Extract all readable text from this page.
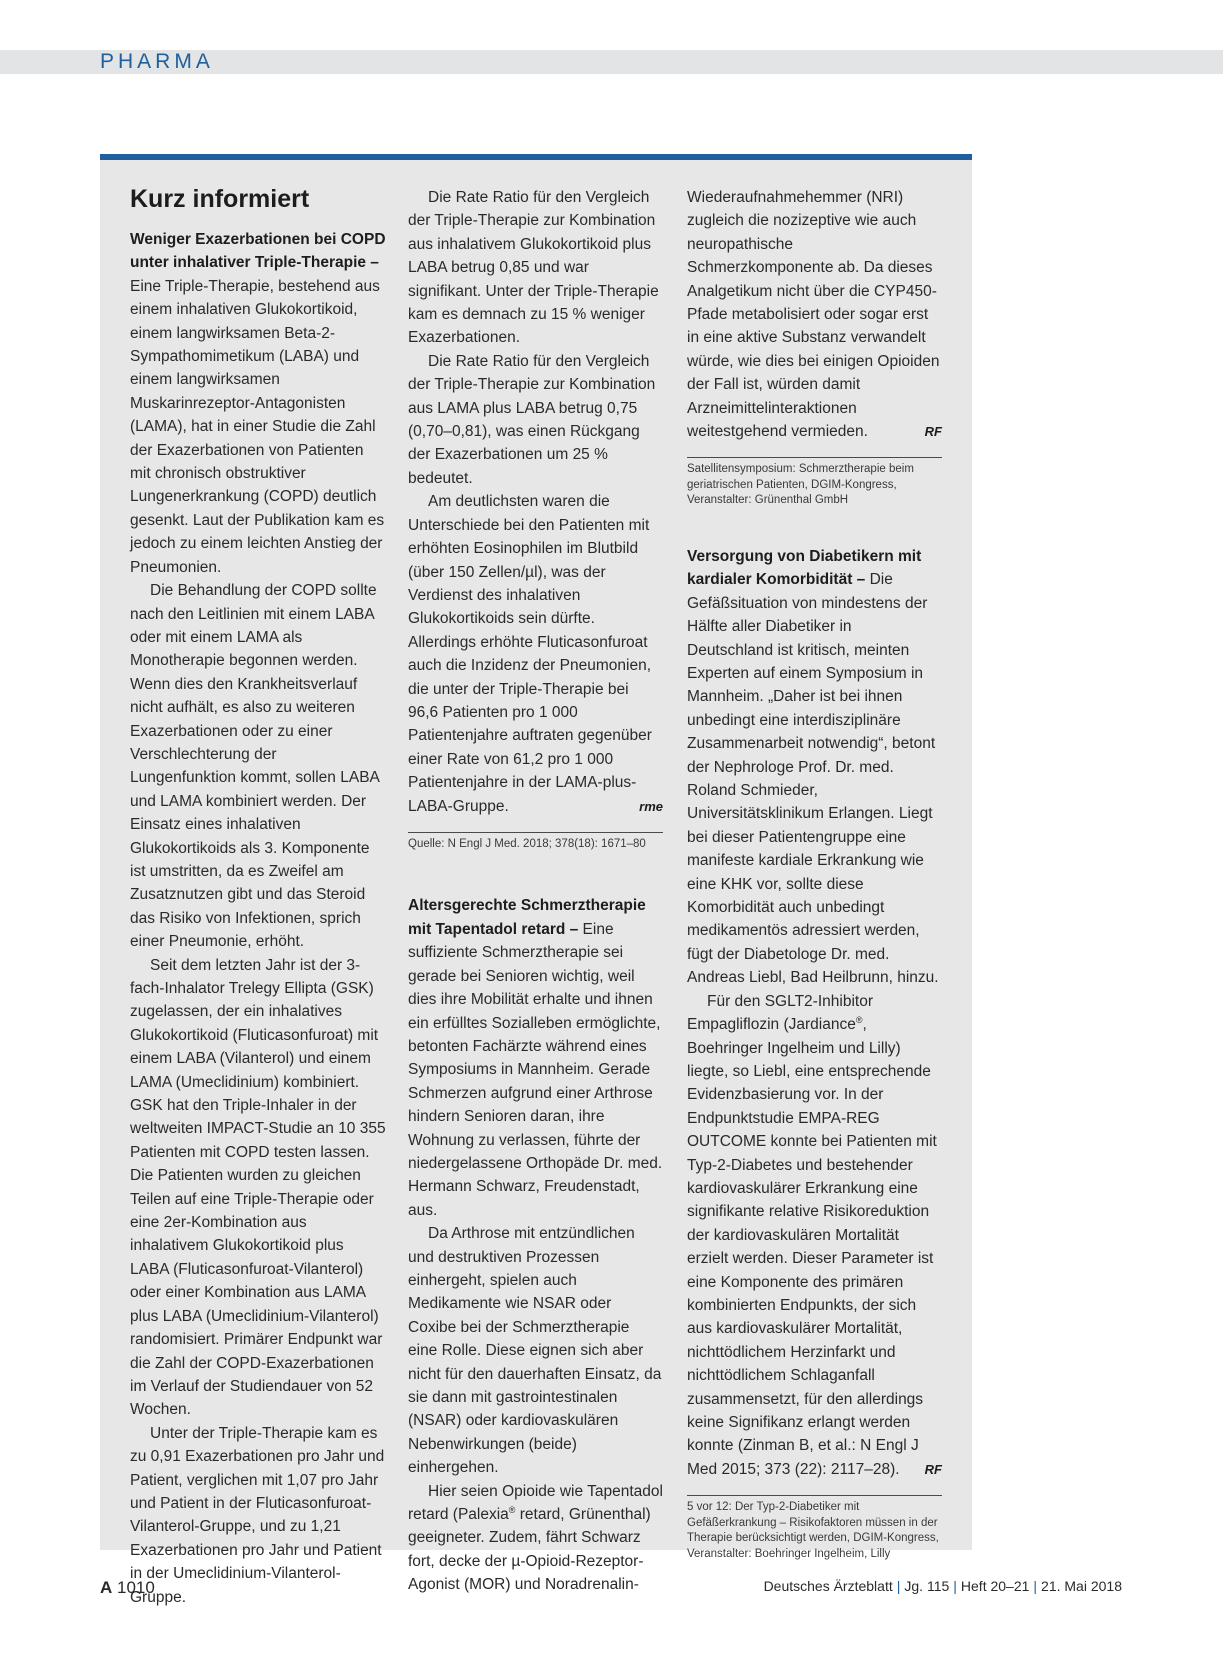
PHARMA
Kurz informiert

Weniger Exazerbationen bei COPD unter inhalativer Triple-Therapie – Eine Triple-Therapie, bestehend aus einem inhalativen Glukokortikoid, einem langwirksamen Beta-2-Sympathomimetikum (LABA) und einem langwirksamen Muskarinrezeptor-Antagonisten (LAMA), hat in einer Studie die Zahl der Exazerbationen von Patienten mit chronisch obstruktiver Lungenerkrankung (COPD) deutlich gesenkt. Laut der Publikation kam es jedoch zu einem leichten Anstieg der Pneumonien.

Die Behandlung der COPD sollte nach den Leitlinien mit einem LABA oder mit einem LAMA als Monotherapie begonnen werden. Wenn dies den Krankheitsverlauf nicht aufhält, es also zu weiteren Exazerbationen oder zu einer Verschlechterung der Lungenfunktion kommt, sollen LABA und LAMA kombiniert werden. Der Einsatz eines inhalativen Glukokortikoids als 3. Komponente ist umstritten, da es Zweifel am Zusatznutzen gibt und das Steroid das Risiko von Infektionen, sprich einer Pneumonie, erhöht.

Seit dem letzten Jahr ist der 3-fach-Inhalator Trelegy Ellipta (GSK) zugelassen, der ein inhalatives Glukokortikoid (Fluticasonfuroat) mit einem LABA (Vilanterol) und einem LAMA (Umeclidinium) kombiniert. GSK hat den Triple-Inhaler in der weltweiten IMPACT-Studie an 10 355 Patienten mit COPD testen lassen. Die Patienten wurden zu gleichen Teilen auf eine Triple-Therapie oder eine 2er-Kombination aus inhalativem Glukokortikoid plus LABA (Fluticasonfuroat-Vilanterol) oder einer Kombination aus LAMA plus LABA (Umeclidinium-Vilanterol) randomisiert. Primärer Endpunkt war die Zahl der COPD-Exazerbationen im Verlauf der Studiendauer von 52 Wochen.

Unter der Triple-Therapie kam es zu 0,91 Exazerbationen pro Jahr und Patient, verglichen mit 1,07 pro Jahr und Patient in der Fluticasonfuroat-Vilanterol-Gruppe, und zu 1,21 Exazerbationen pro Jahr und Patient in der Umeclidinium-Vilanterol-Gruppe.

Die Rate Ratio für den Vergleich der Triple-Therapie zur Kombination aus inhalativem Glukokortikoid plus LABA betrug 0,85 und war signifikant. Unter der Triple-Therapie kam es demnach zu 15 % weniger Exazerbationen.

Die Rate Ratio für den Vergleich der Triple-Therapie zur Kombination aus LAMA plus LABA betrug 0,75 (0,70–0,81), was einen Rückgang der Exazerbationen um 25 % bedeutet.

Am deutlichsten waren die Unterschiede bei den Patienten mit erhöhten Eosinophilen im Blutbild (über 150 Zellen/µl), was der Verdienst des inhalativen Glukokortikoids sein dürfte. Allerdings erhöhte Fluticasonfuroat auch die Inzidenz der Pneumonien, die unter der Triple-Therapie bei 96,6 Patienten pro 1 000 Patientenjahre auftraten gegenüber einer Rate von 61,2 pro 1 000 Patientenjahre in der LAMA-plus-LABA-Gruppe.	rme

Quelle: N Engl J Med. 2018; 378(18): 1671–80

Altersgerechte Schmerztherapie mit Tapentadol retard – Eine suffiziente Schmerztherapie sei gerade bei Senioren wichtig, weil dies ihre Mobilität erhalte und ihnen ein erfülltes Sozialleben ermöglichte, betonten Fachärzte während eines Symposiums in Mannheim. Gerade Schmerzen aufgrund einer Arthrose hindern Senioren daran, ihre Wohnung zu verlassen, führte der niedergelassene Orthopäde Dr. med. Hermann Schwarz, Freudenstadt, aus.

Da Arthrose mit entzündlichen und destruktiven Prozessen einhergeht, spielen auch Medikamente wie NSAR oder Coxibe bei der Schmerztherapie eine Rolle. Diese eignen sich aber nicht für den dauerhaften Einsatz, da sie dann mit gastrointestinalen (NSAR) oder kardiovaskulären Nebenwirkungen (beide) einhergehen.

Hier seien Opioide wie Tapentadol retard (Palexia® retard, Grünenthal) geeigneter. Zudem, fährt Schwarz fort, decke der µ-Opioid-Rezeptor-Agonist (MOR) und Noradrenalin-

Wiederaufnahmehemmer (NRI) zugleich die nozizeptive wie auch neuropathische Schmerzkomponente ab. Da dieses Analgetikum nicht über die CYP450-Pfade metabolisiert oder sogar erst in eine aktive Substanz verwandelt würde, wie dies bei einigen Opioiden der Fall ist, würden damit Arzneimittelinteraktionen weitestgehend vermieden.	RF

Satellitensymposium: Schmerztherapie beim geriatrischen Patienten, DGIM-Kongress, Veranstalter: Grünenthal GmbH

Versorgung von Diabetikern mit kardialer Komorbidität – Die Gefäßsituation von mindestens der Hälfte aller Diabetiker in Deutschland ist kritisch, meinten Experten auf einem Symposium in Mannheim. „Daher ist bei ihnen unbedingt eine interdisziplinäre Zusammenarbeit notwendig“, betont der Nephrologe Prof. Dr. med. Roland Schmieder, Universitätsklinikum Erlangen. Liegt bei dieser Patientengruppe eine manifeste kardiale Erkrankung wie eine KHK vor, sollte diese Komorbidität auch unbedingt medikamentös adressiert werden, fügt der Diabetologe Dr. med. Andreas Liebl, Bad Heilbrunn, hinzu.

Für den SGLT2-Inhibitor Empagliflozin (Jardiance®, Boehringer Ingelheim und Lilly) liegte, so Liebl, eine entsprechende Evidenzbasierung vor. In der Endpunktstudie EMPA-REG OUTCOME konnte bei Patienten mit Typ-2-Diabetes und bestehender kardiovaskulärer Erkrankung eine signifikante relative Risikoreduktion der kardiovaskulären Mortalität erzielt werden. Dieser Parameter ist eine Komponente des primären kombinierten Endpunkts, der sich aus kardiovaskulärer Mortalität, nichttödlichem Herzinfarkt und nichttödlichem Schlaganfall zusammensetzt, für den allerdings keine Signifikanz erlangt werden konnte (Zinman B, et al.: N Engl J Med 2015; 373 (22): 2117–28).	RF

5 vor 12: Der Typ-2-Diabetiker mit Gefäßerkrankung – Risikofaktoren müssen in der Therapie berücksichtigt werden, DGIM-Kongress, Veranstalter: Boehringer Ingelheim, Lilly
A 1010	Deutsches Ärzteblatt | Jg. 115 | Heft 20–21 | 21. Mai 2018
